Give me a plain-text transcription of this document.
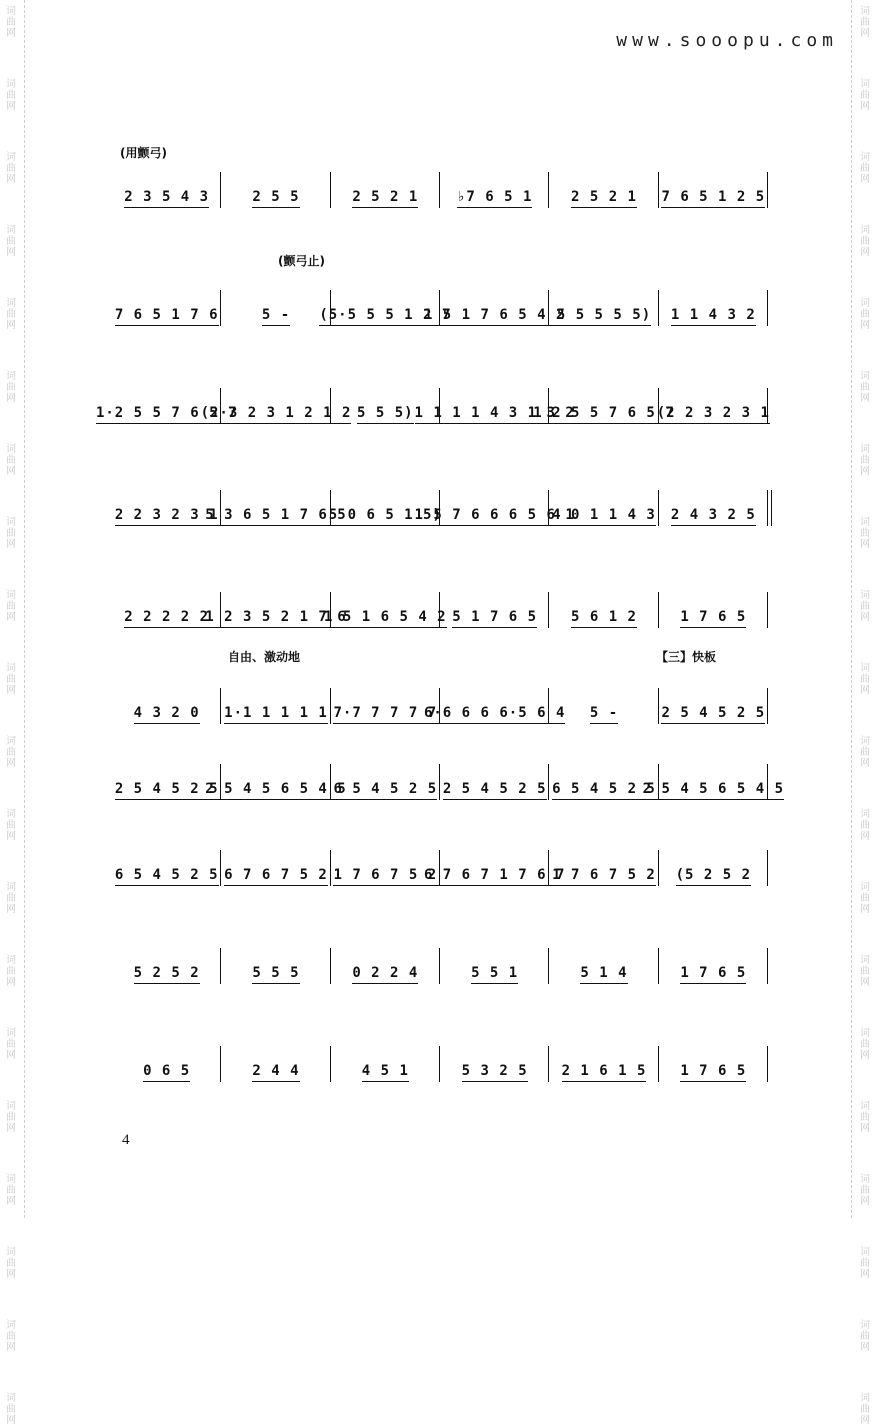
词
曲
网
词
曲
网
词
曲
网
词
曲
网
词
曲
网
词
曲
网
词
曲
网
词
曲
网
词
曲
网
词
曲
网
词
曲
网
词
曲
网
词
曲
网
词
曲
网
词
曲
网
词
曲
网
词
曲
网
词
曲
网
词
曲
网
词
曲
网
词
曲
网
词
曲
网
词
曲
网
词
曲
网
词
曲
网
词
曲
网
词
曲
网
词
曲
网
词
曲
网
词
曲
网
词
曲
网
词
曲
网
词
曲
网
词
曲
网
词
曲
网
词
曲
网
词
曲
网
词
曲
网
词
曲
网
词
曲
网
www.sooopu.com
(用颤弓)
(颤弓止)
自由、激动地	【三】快板
2 3 5 4 3	2 5 5	2 5 2 1	♭7 6 5 1	2 5 2 1 7 6 5 1 2 5
7 6 5 1 7 6	5 - (5·5 5 5 1 2 7
1 5 1 7 6 5 4 2
5 5 5 5 5) 1 1 4 3 2
1·2 5 5 7 6 5 7
(2·3 2 3 1 2 1 2 5 5 5) 1 1 1 1 4 3 1 3 2
1 2 5 5 7 6 5 7
(2 2 3 2 3 1
2 2 3 2 3 1
5 3 6 5 1 7 6 5
5 0 6 5 1 5)
1 5 7 6 6 6 5 6 1
4 0 1 1 4 3 2 4 3 2 5
2 2 2 2 2
1 2 3 5 2 1 7 6
1 5 1 6 5 4 2 5 1 7 6 5 5 6 1 2	1 7 6 5
4 3 2 0 1·1 1 1 1 1 7·7 7 7 7 7
6·6 6 6 6·5 6 4 5 -	2 5 4 5 2 5
2 5 4 5 2 5
2 5 4 5 6 5 4 5
6 5 4 5 2 5 2 5 4 5 2 5 6 5 4 5 2 5
2 5 4 5 6 5 4 5
6 5 4 5 2 5 6 7 6 7 5 2 1 7 6 7 5 2
6 7 6 7 1 7 6 7
1 7 6 7 5 2 (5 2 5 2
5 2 5 2	5 5 5	0 2 2 4	5 5 1	5 1 4	1 7 6 5
0 6 5	2 4 4	4 5 1	5 3 2 5 2 1 6 1 5 1 7 6 5
4
